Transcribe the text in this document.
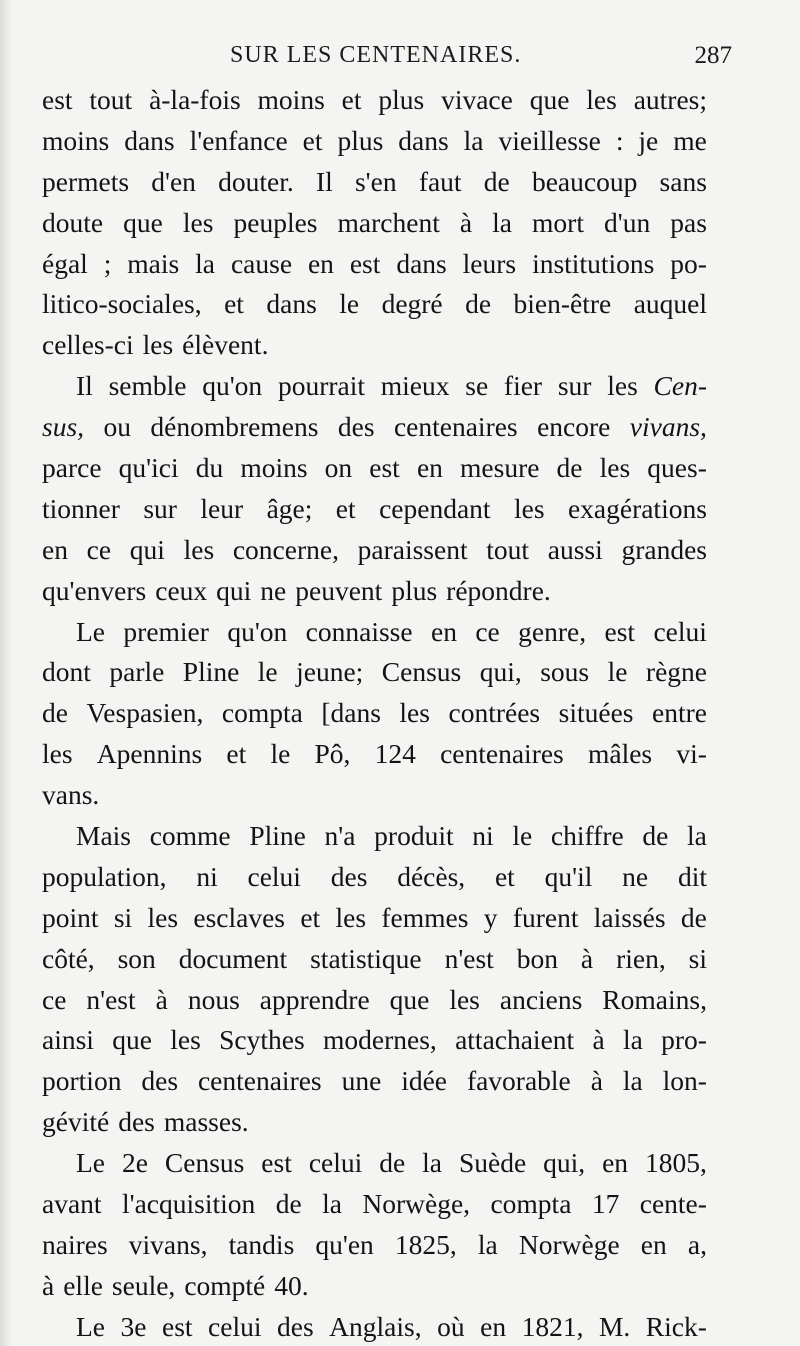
SUR LES CENTENAIRES.	287
est tout à-la-fois moins et plus vivace que les autres;
moins dans l'enfance et plus dans la vieillesse : je me
permets d'en douter. Il s'en faut de beaucoup sans
doute que les peuples marchent à la mort d'un pas
égal ; mais la cause en est dans leurs institutions po-
litico-sociales, et dans le degré de bien-être auquel
celles-ci les élèvent.
Il semble qu'on pourrait mieux se fier sur les Cen-
sus, ou dénombremens des centenaires encore vivans,
parce qu'ici du moins on est en mesure de les ques-
tionner sur leur âge; et cependant les exagérations
en ce qui les concerne, paraissent tout aussi grandes
qu'envers ceux qui ne peuvent plus répondre.
Le premier qu'on connaisse en ce genre, est celui
dont parle Pline le jeune; Census qui, sous le règne
de Vespasien, compta [dans les contrées situées entre
les Apennins et le Pô, 124 centenaires mâles vi-
vans.
Mais comme Pline n'a produit ni le chiffre de la
population, ni celui des décès, et qu'il ne dit
point si les esclaves et les femmes y furent laissés de
côté, son document statistique n'est bon à rien, si
ce n'est à nous apprendre que les anciens Romains,
ainsi que les Scythes modernes, attachaient à la pro-
portion des centenaires une idée favorable à la lon-
gévité des masses.
Le 2e Census est celui de la Suède qui, en 1805,
avant l'acquisition de la Norwège, compta 17 cente-
naires vivans, tandis qu'en 1825, la Norwège en a,
à elle seule, compté 40.
Le 3e est celui des Anglais, où en 1821, M. Rick-
